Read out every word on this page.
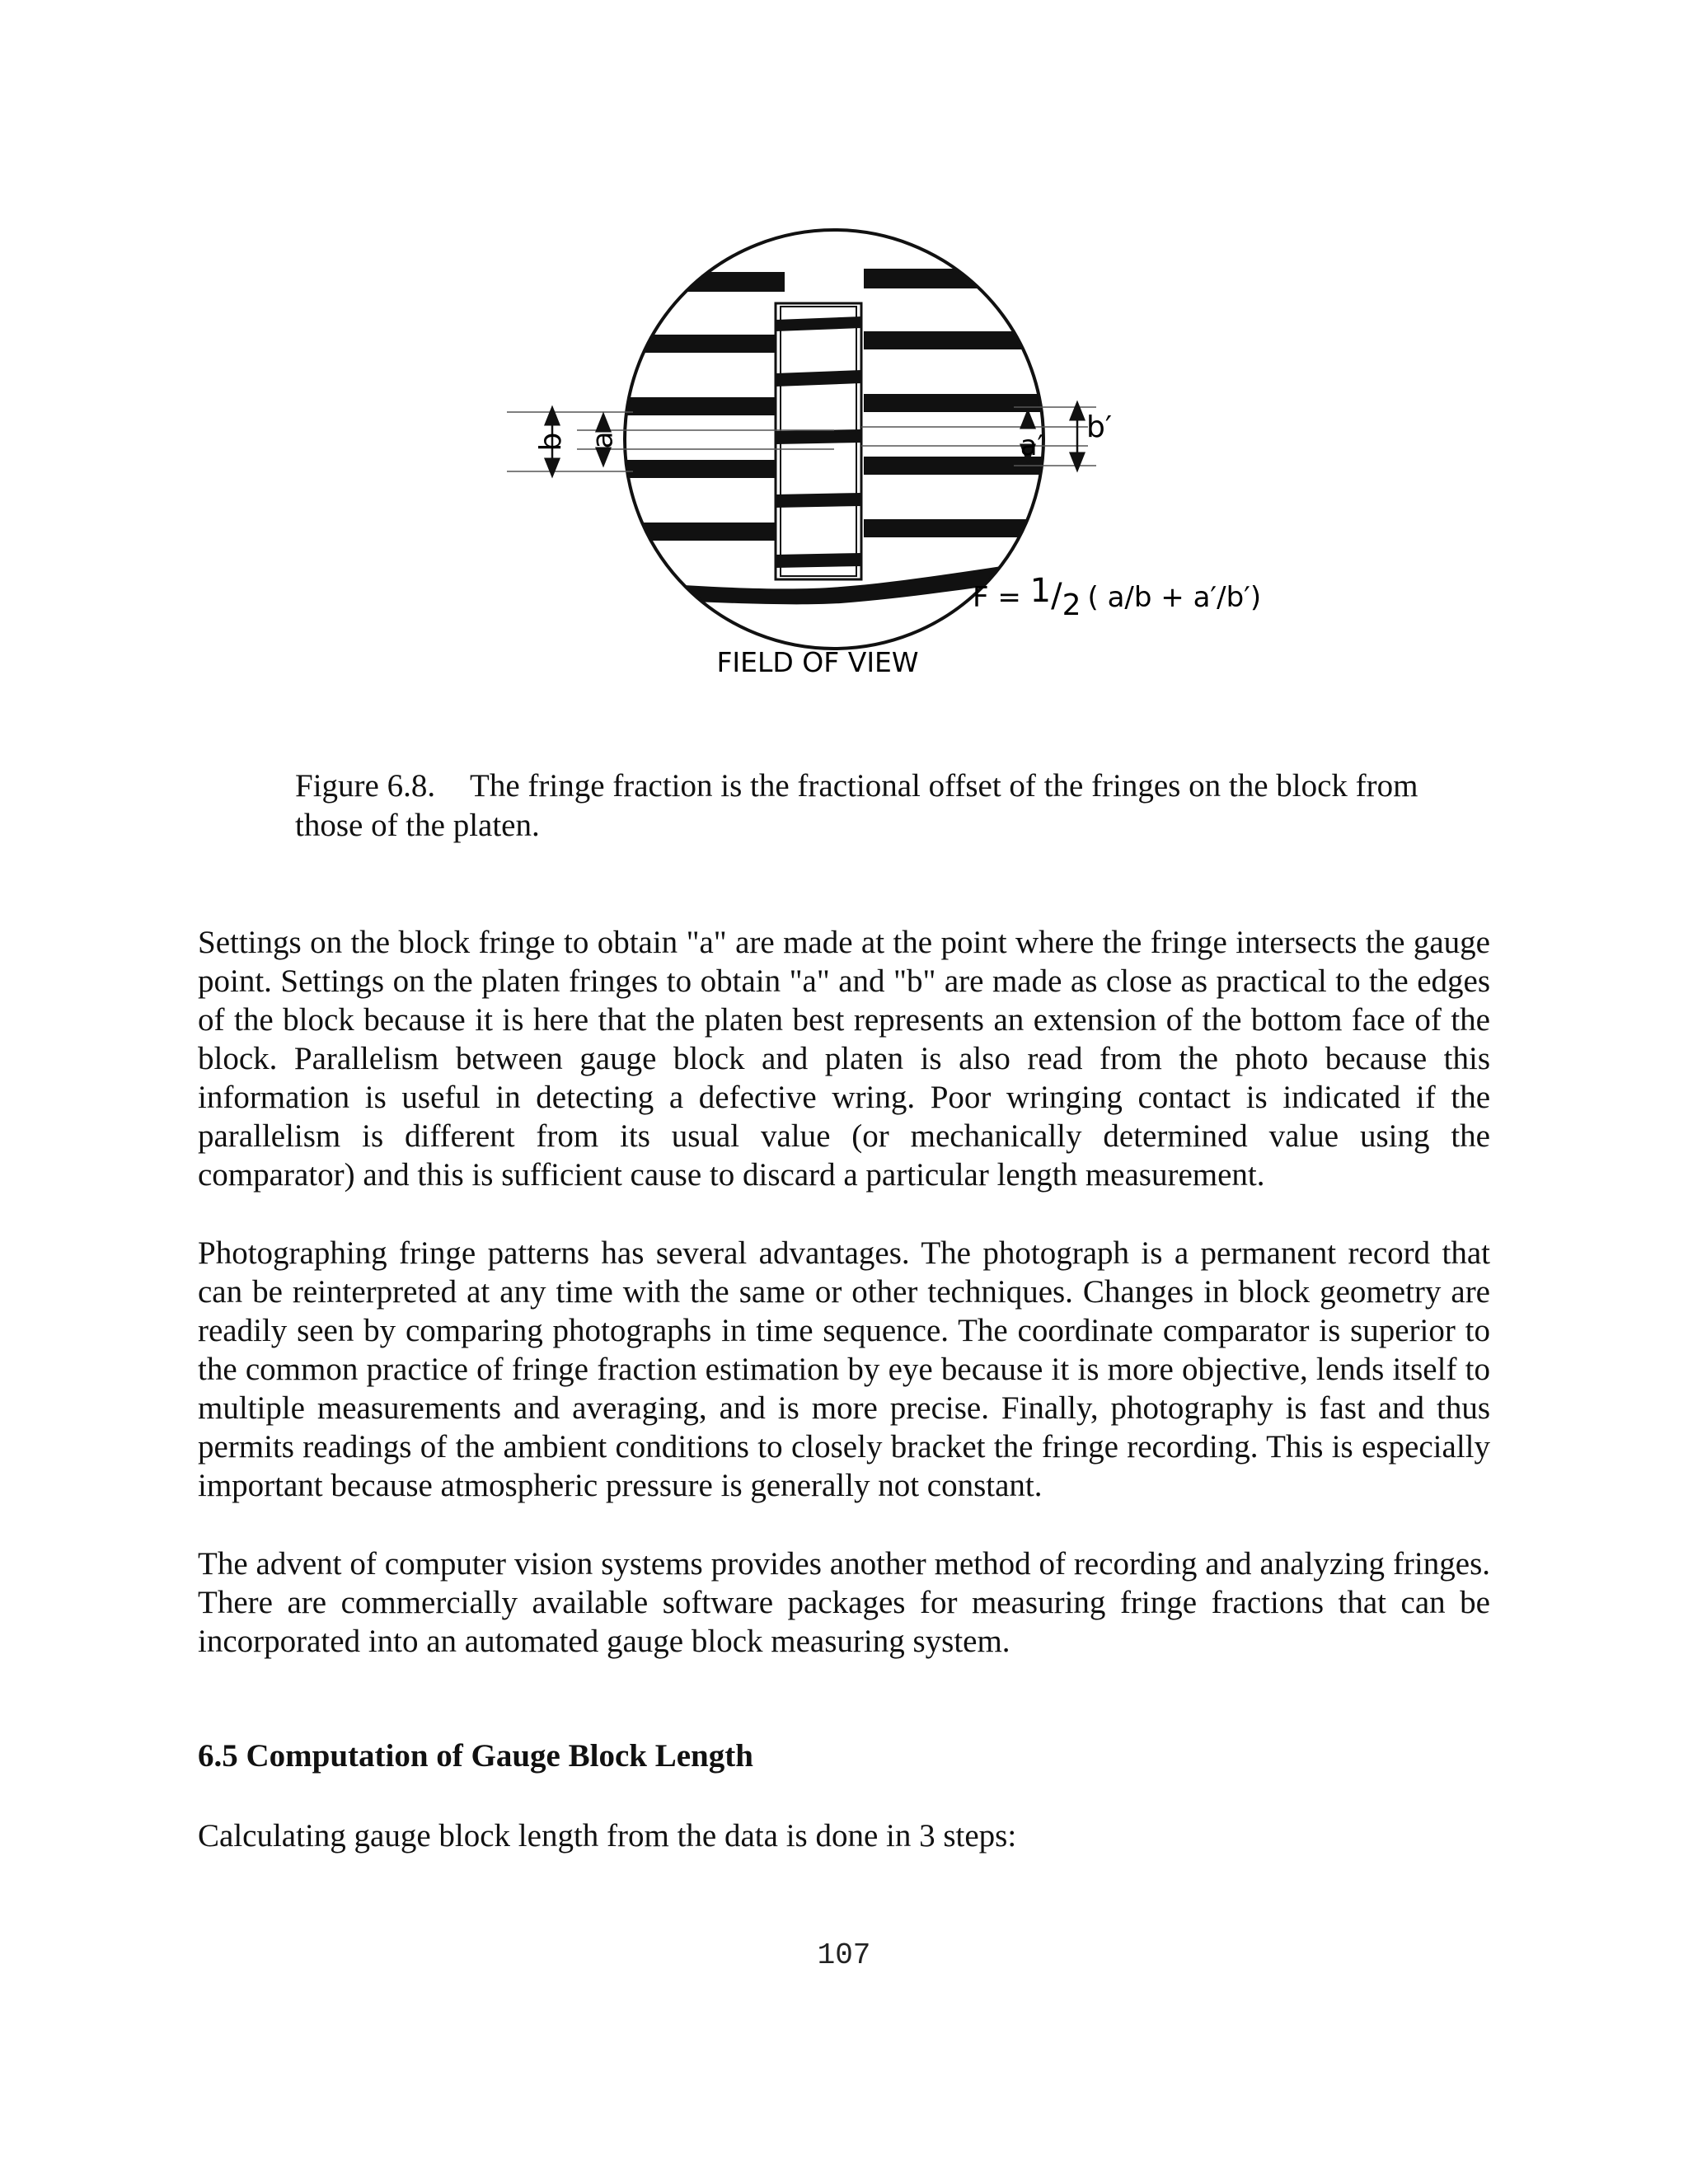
b a	a′
b′
F = 1/2 ( a/b + a′/b′)
FIELD OF VIEW
Figure 6.8. The fringe fraction is the fractional offset of the fringes on the block from those of the platen.

Settings on the block fringe to obtain "a" are made at the point where the fringe intersects the gauge point. Settings on the platen fringes to obtain "a" and "b" are made as close as practical to the edges of the block because it is here that the platen best represents an extension of the bottom face of the block. Parallelism between gauge block and platen is also read from the photo because this information is useful in detecting a defective wring. Poor wringing contact is indicated if the parallelism is different from its usual value (or mechanically determined value using the comparator) and this is sufficient cause to discard a particular length measurement.

Photographing fringe patterns has several advantages. The photograph is a permanent record that can be reinterpreted at any time with the same or other techniques. Changes in block geometry are readily seen by comparing photographs in time sequence. The coordinate comparator is superior to the common practice of fringe fraction estimation by eye because it is more objective, lends itself to multiple measurements and averaging, and is more precise. Finally, photography is fast and thus permits readings of the ambient conditions to closely bracket the fringe recording. This is especially important because atmospheric pressure is generally not constant.

The advent of computer vision systems provides another method of recording and analyzing fringes. There are commercially available software packages for measuring fringe fractions that can be incorporated into an automated gauge block measuring system.

6.5 Computation of Gauge Block Length

Calculating gauge block length from the data is done in 3 steps:

107
